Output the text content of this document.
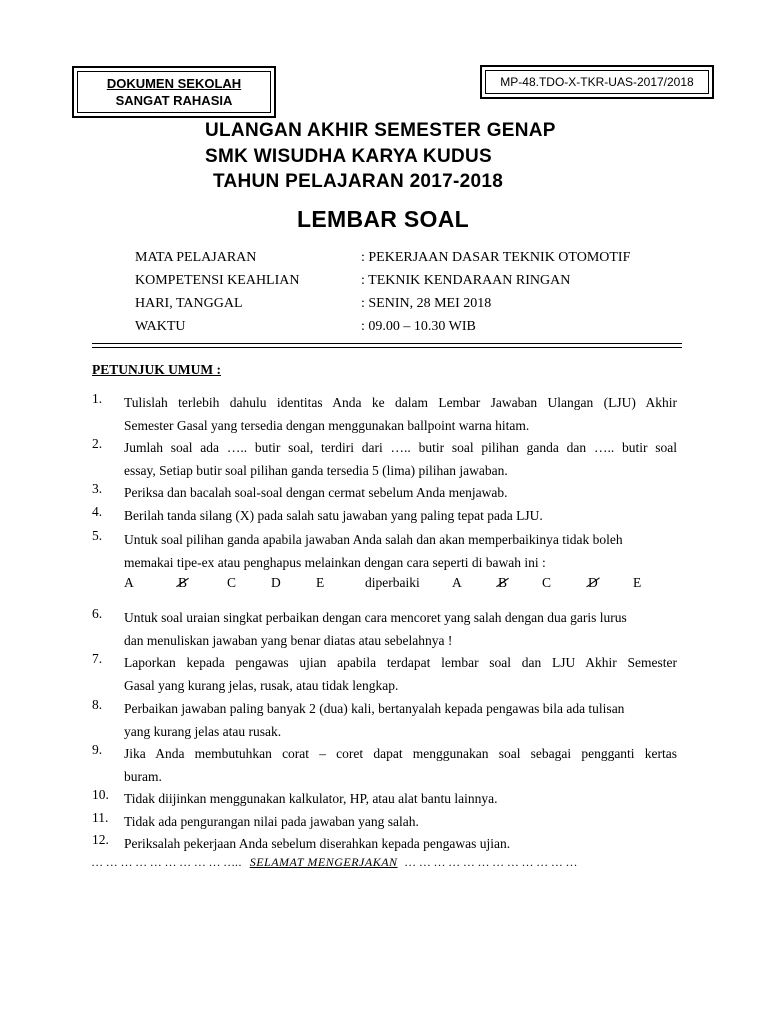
DOKUMEN SEKOLAH
SANGAT RAHASIA
MP-48.TDO-X-TKR-UAS-2017/2018
ULANGAN AKHIR SEMESTER GENAP
SMK WISUDHA KARYA KUDUS
TAHUN PELAJARAN 2017-2018
LEMBAR SOAL
MATA PELAJARAN	: PEKERJAAN DASAR TEKNIK OTOMOTIF
KOMPETENSI KEAHLIAN	: TEKNIK KENDARAAN RINGAN
HARI, TANGGAL	: SENIN, 28 MEI 2018
WAKTU	: 09.00 – 10.30 WIB
PETUNJUK UMUM :
1. Tulislah terlebih dahulu identitas Anda ke dalam Lembar Jawaban Ulangan (LJU) Akhir
Semester Gasal yang tersedia dengan menggunakan ballpoint warna hitam.
2. Jumlah soal ada ….. butir soal, terdiri dari ….. butir soal pilihan ganda dan ….. butir soal
essay, Setiap butir soal pilihan ganda tersedia 5 (lima) pilihan jawaban.
3. Periksa dan bacalah soal-soal dengan cermat sebelum Anda menjawab.
4. Berilah tanda silang (X) pada salah satu jawaban yang paling tepat pada LJU.
5. Untuk soal pilihan ganda apabila jawaban Anda salah dan akan memperbaikinya tidak boleh
memakai tipe-ex atau penghapus melainkan dengan cara seperti di bawah ini :
A	B	C	D	E	diperbaiki A	B	C	D	E
6. Untuk soal uraian singkat perbaikan dengan cara mencoret yang salah dengan dua garis lurus
dan menuliskan jawaban yang benar diatas atau sebelahnya !
7. Laporkan kepada pengawas ujian apabila terdapat lembar soal dan LJU Akhir Semester
Gasal yang kurang jelas, rusak, atau tidak lengkap.
8. Perbaikan jawaban paling banyak 2 (dua) kali, bertanyalah kepada pengawas bila ada tulisan
yang kurang jelas atau rusak.
9. Jika Anda membutuhkan corat – coret dapat menggunakan soal sebagai pengganti kertas
buram.
10. Tidak diijinkan menggunakan kalkulator, HP, atau alat bantu lainnya.
11. Tidak ada pengurangan nilai pada jawaban yang salah.
12. Periksalah pekerjaan Anda sebelum diserahkan kepada pengawas ujian.
… … … … … … … … … ….. SELAMAT MENGERJAKAN … … … … … … … … … … … …
